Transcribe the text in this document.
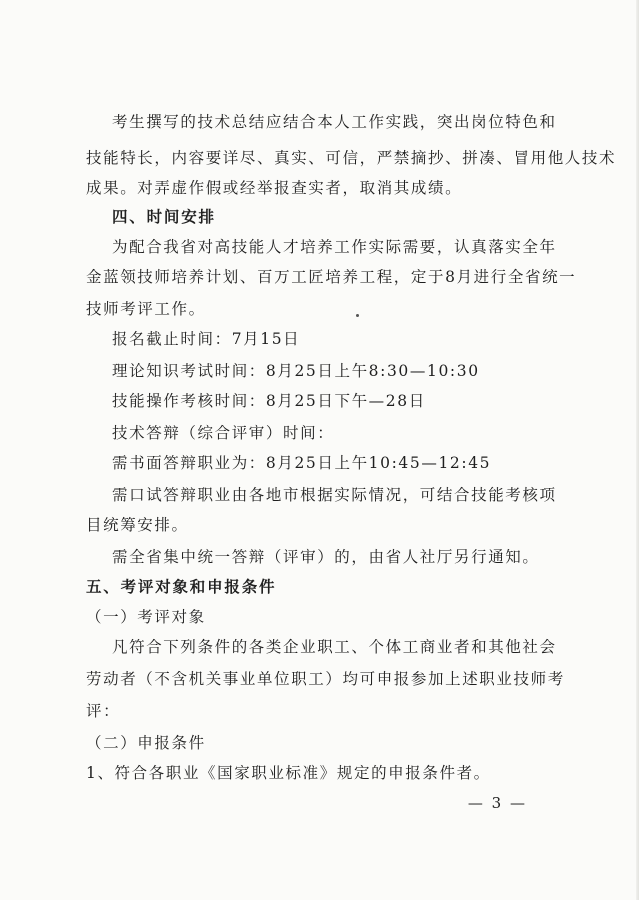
考生撰写的技术总结应结合本人工作实践，突出岗位特色和
技能特长，内容要详尽、真实、可信，严禁摘抄、拼凑、冒用他人技术
成果。对弄虚作假或经举报查实者，取消其成绩。
四、时间安排
为配合我省对高技能人才培养工作实际需要，认真落实全年
金蓝领技师培养计划、百万工匠培养工程，定于8月进行全省统一
技师考评工作。
报名截止时间：7月15日
理论知识考试时间：8月25日上午8:30—10:30
技能操作考核时间：8月25日下午—28日
技术答辩（综合评审）时间：
需书面答辩职业为：8月25日上午10:45—12:45
需口试答辩职业由各地市根据实际情况，可结合技能考核项
目统筹安排。
需全省集中统一答辩（评审）的，由省人社厅另行通知。
五、考评对象和申报条件
（一）考评对象
凡符合下列条件的各类企业职工、个体工商业者和其他社会
劳动者（不含机关事业单位职工）均可申报参加上述职业技师考
评：
（二）申报条件
1、符合各职业《国家职业标准》规定的申报条件者。
— 3 —
